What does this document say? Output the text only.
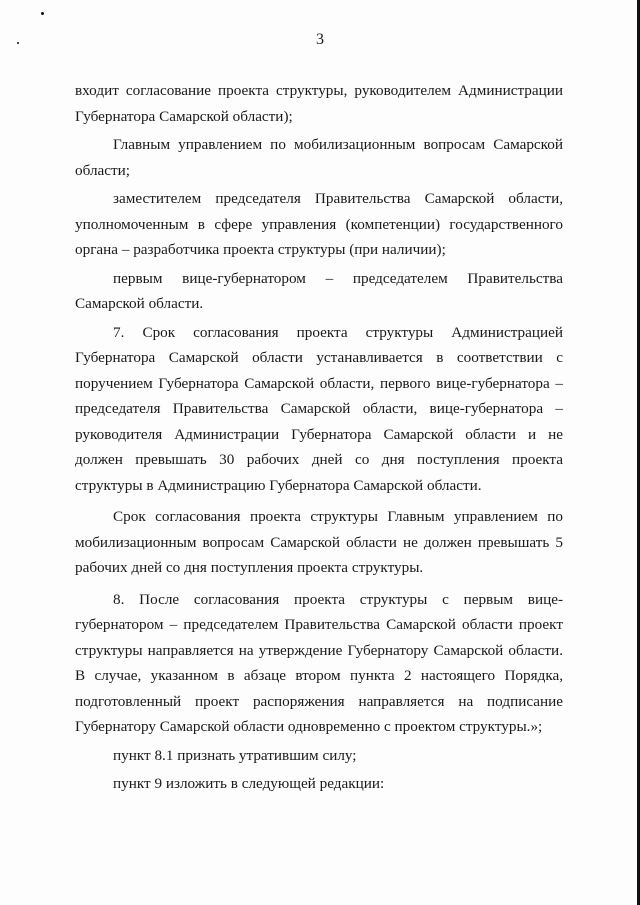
3

входит согласование проекта структуры, руководителем Администрации Губернатора Самарской области);

Главным управлением по мобилизационным вопросам Самарской области;

заместителем председателя Правительства Самарской области, уполномоченным в сфере управления (компетенции) государственного органа – разработчика проекта структуры (при наличии);

первым вице-губернатором – председателем Правительства Самарской области.

7. Срок согласования проекта структуры Администрацией Губернатора Самарской области устанавливается в соответствии с поручением Губернатора Самарской области, первого вице-губернатора – председателя Правительства Самарской области, вице-губернатора – руководителя Администрации Губернатора Самарской области и не должен превышать 30 рабочих дней со дня поступления проекта структуры в Администрацию Губернатора Самарской области.

Срок согласования проекта структуры Главным управлением по мобилизационным вопросам Самарской области не должен превышать 5 рабочих дней со дня поступления проекта структуры.

8. После согласования проекта структуры с первым вице-губернатором – председателем Правительства Самарской области проект структуры направляется на утверждение Губернатору Самарской области. В случае, указанном в абзаце втором пункта 2 настоящего Порядка, подготовленный проект распоряжения направляется на подписание Губернатору Самарской области одновременно с проектом структуры.»;

пункт 8.1 признать утратившим силу;

пункт 9 изложить в следующей редакции:
